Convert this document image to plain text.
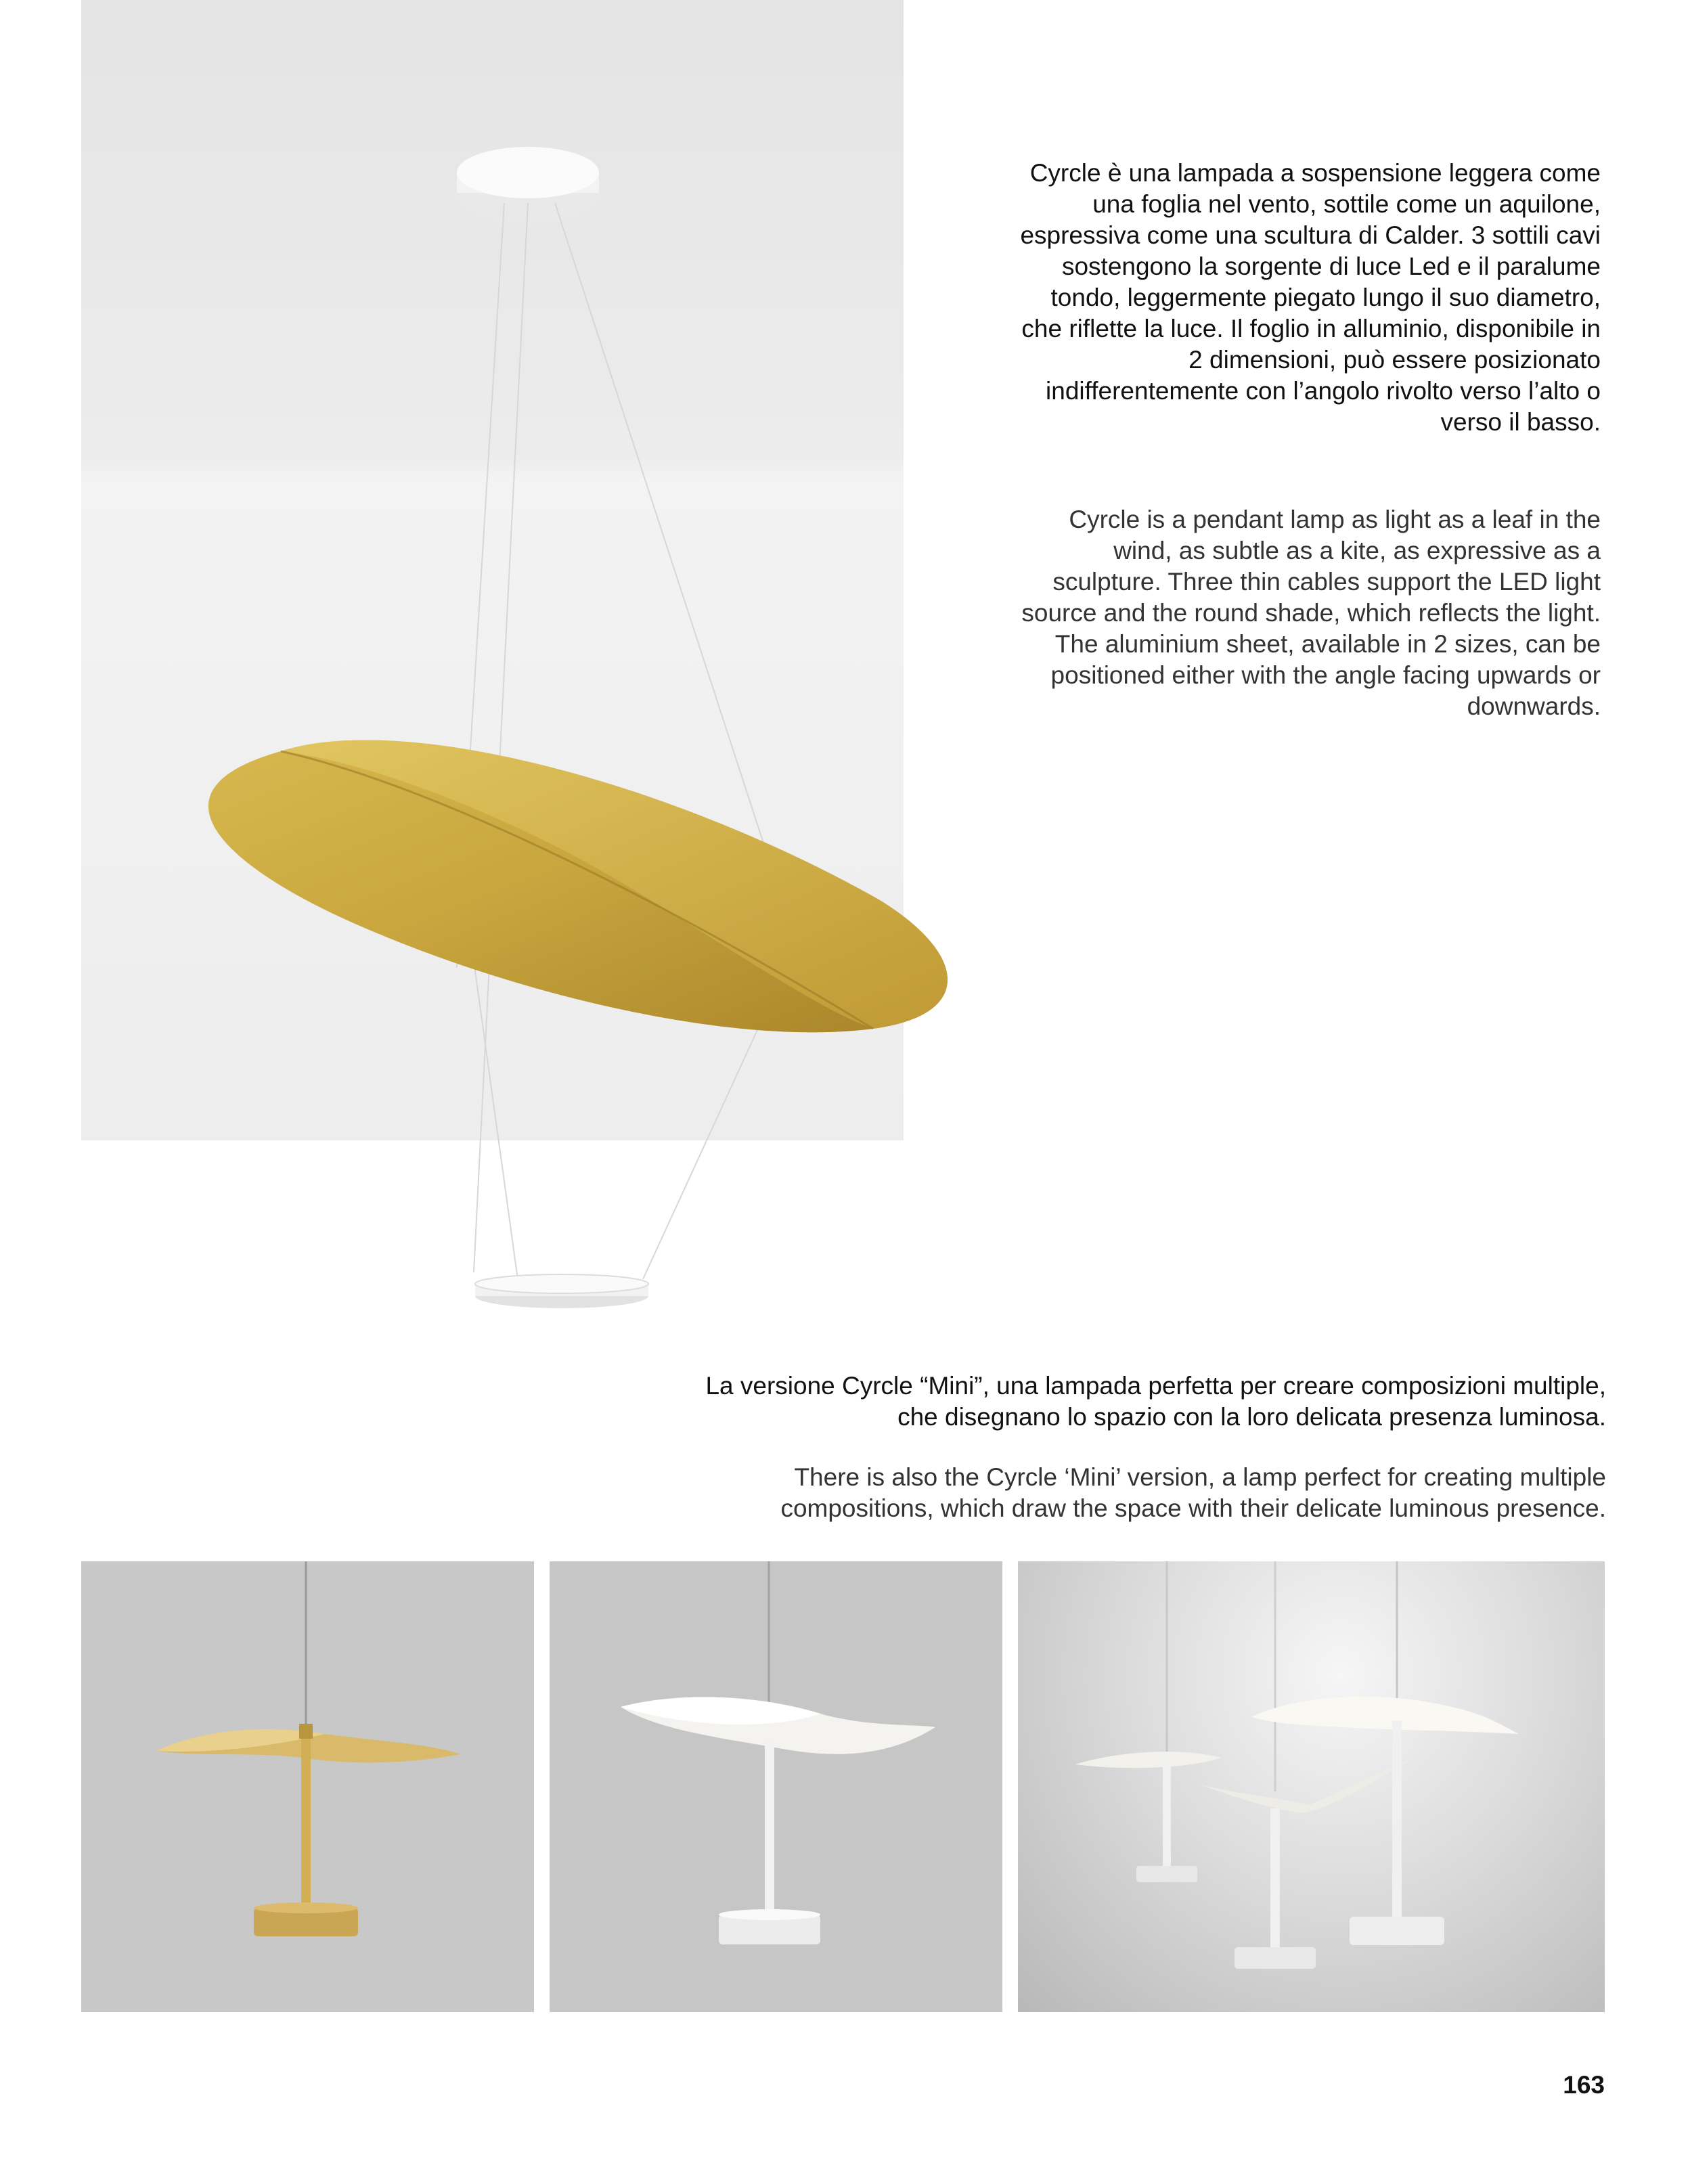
Cyrcle è una lampada a sospensione leggera come una foglia nel vento, sottile come un aquilone, espressiva come una scultura di Calder. 3 sottili cavi sostengono la sorgente di luce Led e il paralume tondo, leggermente piegato lungo il suo diametro, che riflette la luce. Il foglio in alluminio, disponibile in 2 dimensioni, può essere posizionato indifferentemente con l’angolo rivolto verso l’alto o verso il basso.

Cyrcle is a pendant lamp as light as a leaf in the wind, as subtle as a kite, as expressive as a sculpture. Three thin cables support the LED light source and the round shade, which reflects the light. The aluminium sheet, available in 2 sizes, can be positioned either with the angle facing upwards or downwards.

La versione Cyrcle “Mini”, una lampada perfetta per creare composizioni multiple, che disegnano lo spazio con la loro delicata presenza luminosa.

There is also the Cyrcle ‘Mini’ version, a lamp perfect for creating multiple compositions, which draw the space with their delicate luminous presence.

163
